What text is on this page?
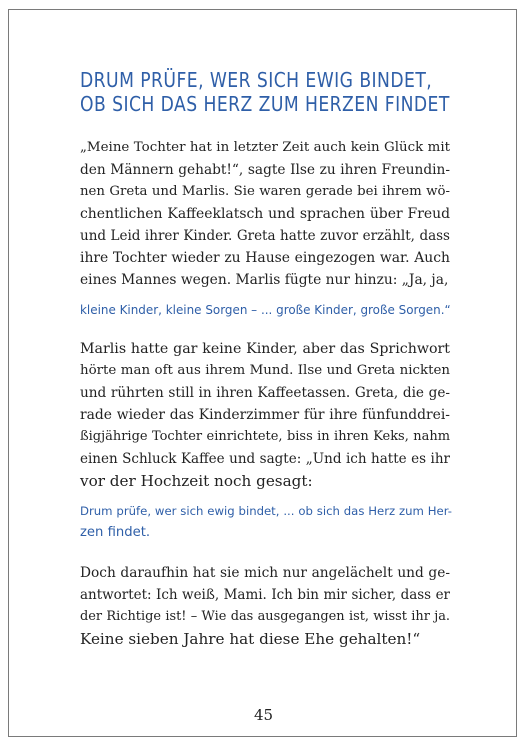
DRUM PRÜFE, WER SICH EWIG BINDET,
OB SICH DAS HERZ ZUM HERZEN FINDET
„Meine Tochter hat in letzter Zeit auch kein Glück mit
den Männern gehabt!“, sagte Ilse zu ihren Freundin-
nen Greta und Marlis. Sie waren gerade bei ihrem wö-
chentlichen Kaffeeklatsch und sprachen über Freud
und Leid ihrer Kinder. Greta hatte zuvor erzählt, dass
ihre Tochter wieder zu Hause eingezogen war. Auch
eines Mannes wegen. Marlis fügte nur hinzu: „Ja, ja,
kleine Kinder, kleine Sorgen – ... große Kinder, große Sorgen.“
Marlis hatte gar keine Kinder, aber das Sprichwort
hörte man oft aus ihrem Mund. Ilse und Greta nickten
und rührten still in ihren Kaffeetassen. Greta, die ge-
rade wieder das Kinderzimmer für ihre fünfunddrei-
ßigjährige Tochter einrichtete, biss in ihren Keks, nahm
einen Schluck Kaffee und sagte: „Und ich hatte es ihr
vor der Hochzeit noch gesagt:
Drum prüfe, wer sich ewig bindet, ... ob sich das Herz zum Her-
zen findet.
Doch daraufhin hat sie mich nur angelächelt und ge-
antwortet: Ich weiß, Mami. Ich bin mir sicher, dass er
der Richtige ist! – Wie das ausgegangen ist, wisst ihr ja.
Keine sieben Jahre hat diese Ehe gehalten!“
45
